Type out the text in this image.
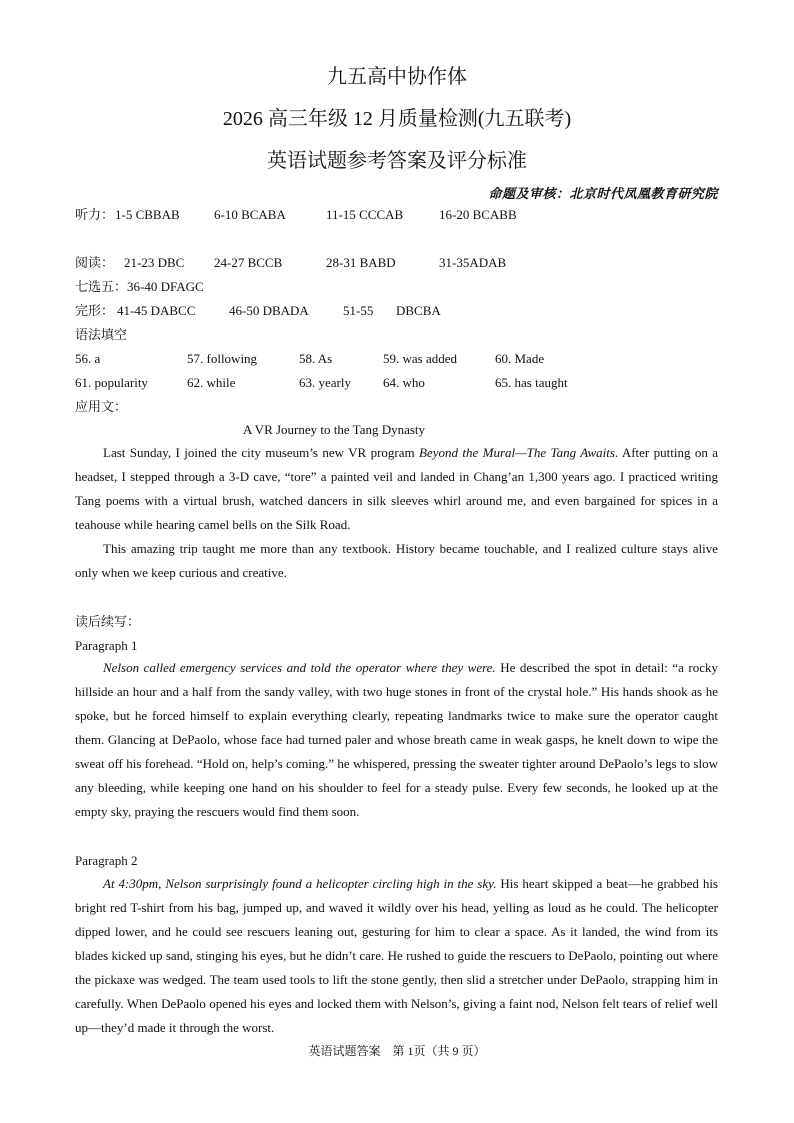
九五高中协作体
2026 高三年级 12 月质量检测(九五联考)
英语试题参考答案及评分标准
命题及审核：北京时代凤凰教育研究院
听力： 1-5 CBBAB	6-10 BCABA	11-15 CCCAB	16-20 BCABB
阅读： 21-23 DBC 24-27 BCCB	28-31 BABD	31-35ADAB
七选五：36-40 DFAGC
完形： 41-45 DABCC	46-50 DBADA	51-55 DBCBA
语法填空
56. a	57. following	58. As	59. was added	60. Made
61. popularity	62. while	63. yearly 64. who	65. has taught
应用文：
A VR Journey to the Tang Dynasty

Last Sunday, I joined the city museum’s new VR program Beyond the Mural—The Tang Awaits. After putting on a headset, I stepped through a 3-D cave, “tore” a painted veil and landed in Chang’an 1,300 years ago. I practiced writing Tang poems with a virtual brush, watched dancers in silk sleeves whirl around me, and even bargained for spices in a teahouse while hearing camel bells on the Silk Road.

This amazing trip taught me more than any textbook. History became touchable, and I realized culture stays alive only when we keep curious and creative.

读后续写：
Paragraph 1

Nelson called emergency services and told the operator where they were. He described the spot in detail: “a rocky hillside an hour and a half from the sandy valley, with two huge stones in front of the crystal hole.” His hands shook as he spoke, but he forced himself to explain everything clearly, repeating landmarks twice to make sure the operator caught them. Glancing at DePaolo, whose face had turned paler and whose breath came in weak gasps, he knelt down to wipe the sweat off his forehead. “Hold on, help’s coming.” he whispered, pressing the sweater tighter around DePaolo’s legs to slow any bleeding, while keeping one hand on his shoulder to feel for a steady pulse. Every few seconds, he looked up at the empty sky, praying the rescuers would find them soon.

Paragraph 2

At 4:30pm, Nelson surprisingly found a helicopter circling high in the sky. His heart skipped a beat—he grabbed his bright red T-shirt from his bag, jumped up, and waved it wildly over his head, yelling as loud as he could. The helicopter dipped lower, and he could see rescuers leaning out, gesturing for him to clear a space. As it landed, the wind from its blades kicked up sand, stinging his eyes, but he didn’t care. He rushed to guide the rescuers to DePaolo, pointing out where the pickaxe was wedged. The team used tools to lift the stone gently, then slid a stretcher under DePaolo, strapping him in carefully. When DePaolo opened his eyes and locked them with Nelson’s, giving a faint nod, Nelson felt tears of relief well up—they’d made it through the worst.

英语试题答案　第 1页（共 9 页）
